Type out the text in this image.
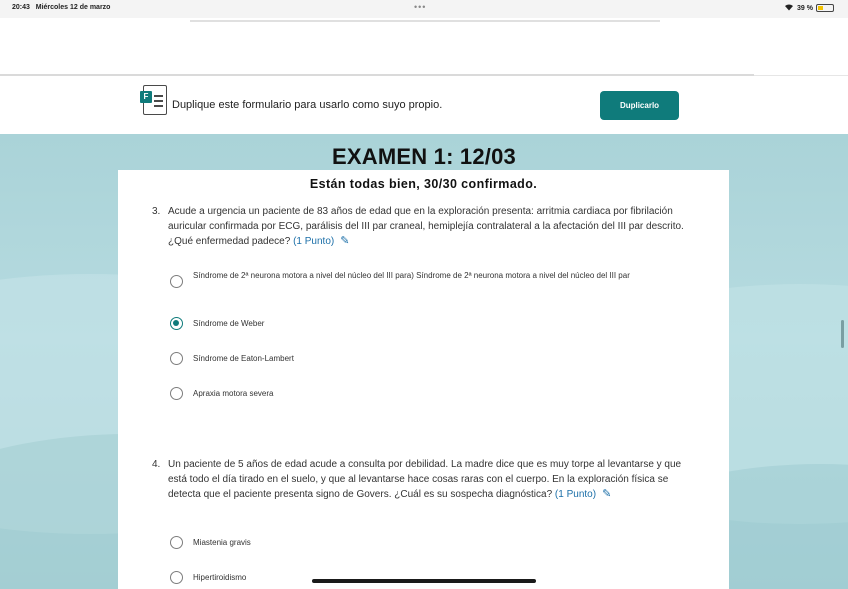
20:43 Miércoles 12 de marzo	•••	39 %
F
Duplique este formulario para usarlo como suyo propio.	Duplicarlo
EXAMEN 1: 12/03
Están todas bien, 30/30 confirmado.
3. Acude a urgencia un paciente de 83 años de edad que en la exploración presenta: arritmia cardiaca por fibrilación auricular confirmada por ECG, parálisis del III par craneal, hemiplejía contralateral a la afectación del III par descrito. ¿Qué enfermedad padece? (1 Punto) ✎
Síndrome de 2ª neurona motora a nivel del núcleo del III para) Síndrome de 2ª neurona motora a nivel del núcleo del III par
Síndrome de Weber
Síndrome de Eaton-Lambert
Apraxia motora severa
4. Un paciente de 5 años de edad acude a consulta por debilidad. La madre dice que es muy torpe al levantarse y que está todo el día tirado en el suelo, y que al levantarse hace cosas raras con el cuerpo. En la exploración física se detecta que el paciente presenta signo de Govers. ¿Cuál es su sospecha diagnóstica? (1 Punto) ✎
Miastenia gravis
Hipertiroidismo
